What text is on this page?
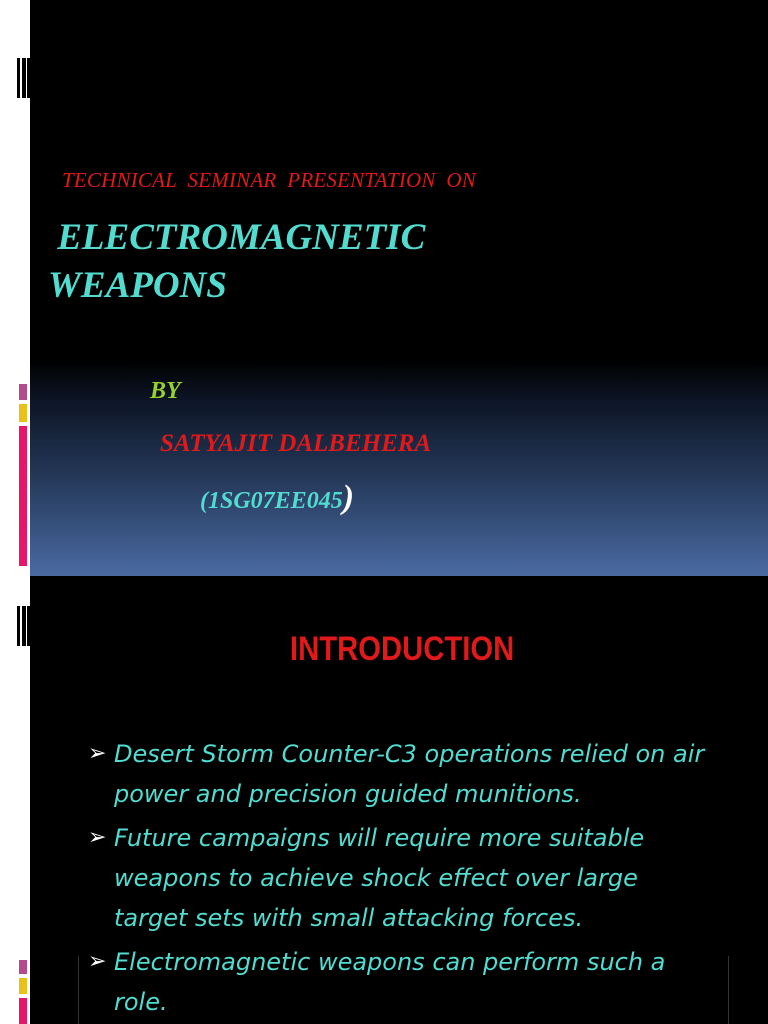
TECHNICAL  SEMINAR  PRESENTATION  ON
ELECTROMAGNETIC
WEAPONS
BY
SATYAJIT DALBEHERA
(1SG07EE045)
INTRODUCTION
➢ Desert Storm Counter-C3 operations relied on air power and precision guided munitions.
➢ Future campaigns will require more suitable weapons to achieve shock effect over large target sets with small attacking forces.
➢ Electromagnetic weapons can perform such a role.
